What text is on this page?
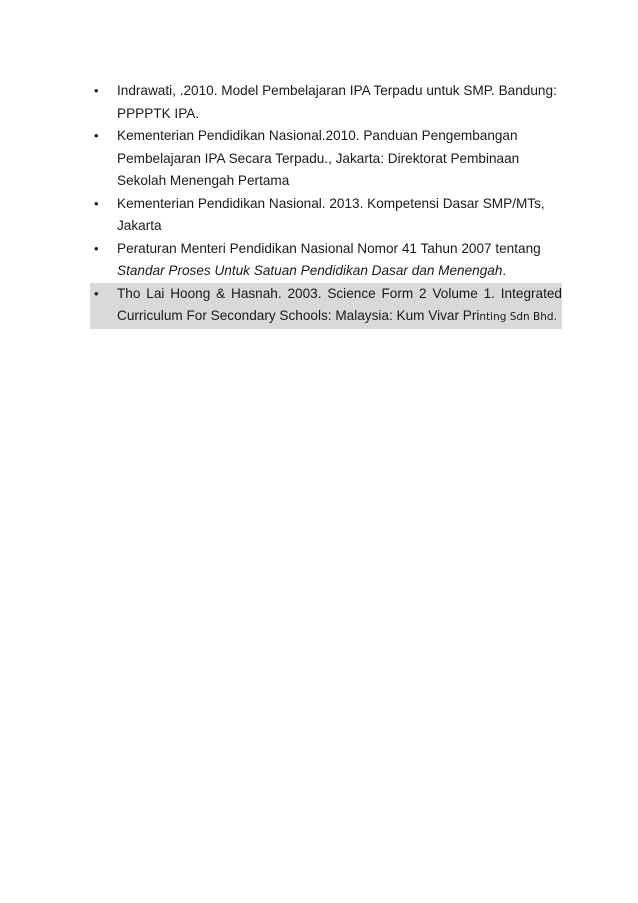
• Indrawati, .2010. Model Pembelajaran IPA Terpadu untuk SMP. Bandung: PPPPTK IPA.
• Kementerian Pendidikan Nasional.2010. Panduan Pengembangan Pembelajaran IPA Secara Terpadu., Jakarta: Direktorat Pembinaan Sekolah Menengah Pertama
• Kementerian Pendidikan Nasional. 2013. Kompetensi Dasar SMP/MTs, Jakarta
• Peraturan Menteri Pendidikan Nasional Nomor 41 Tahun 2007 tentang
Standar Proses Untuk Satuan Pendidikan Dasar dan Menengah.
• Tho Lai Hoong & Hasnah. 2003. Science Form 2 Volume 1. Integrated Curriculum For Secondary Schools: Malaysia: Kum Vivar Printing Sdn Bhd.
